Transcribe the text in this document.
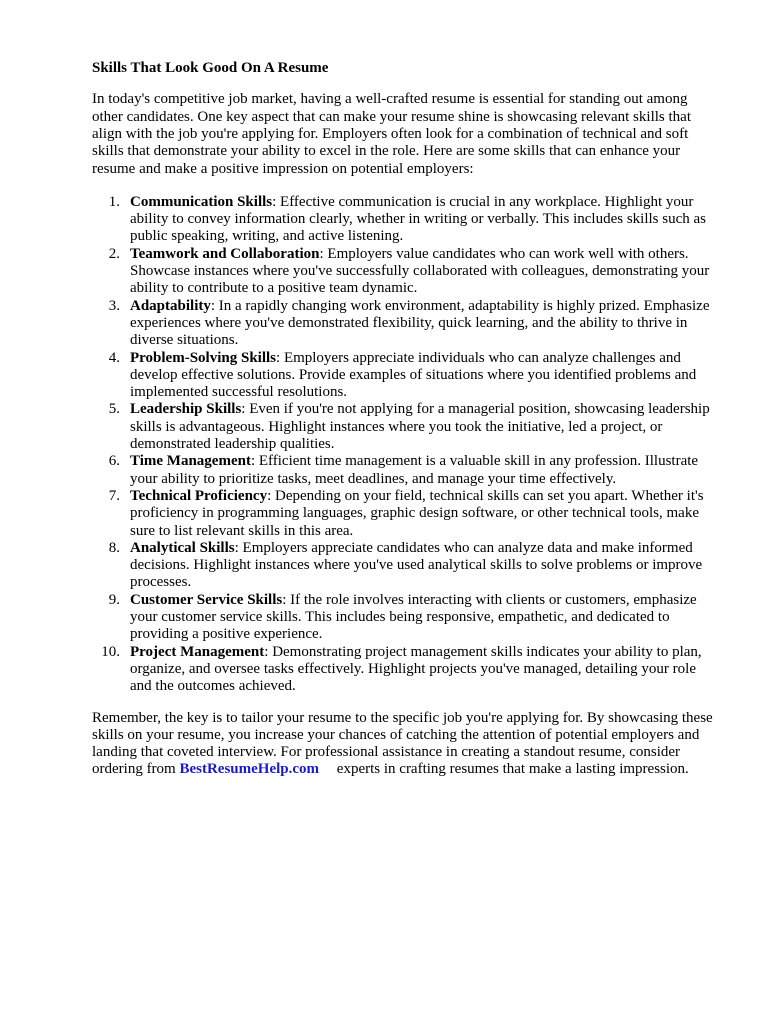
Skills That Look Good On A Resume

In today's competitive job market, having a well-crafted resume is essential for standing out among other candidates. One key aspect that can make your resume shine is showcasing relevant skills that align with the job you're applying for. Employers often look for a combination of technical and soft skills that demonstrate your ability to excel in the role. Here are some skills that can enhance your resume and make a positive impression on potential employers:

1. Communication Skills: Effective communication is crucial in any workplace. Highlight your ability to convey information clearly, whether in writing or verbally. This includes skills such as public speaking, writing, and active listening.
2. Teamwork and Collaboration: Employers value candidates who can work well with others. Showcase instances where you've successfully collaborated with colleagues, demonstrating your ability to contribute to a positive team dynamic.
3. Adaptability: In a rapidly changing work environment, adaptability is highly prized. Emphasize experiences where you've demonstrated flexibility, quick learning, and the ability to thrive in diverse situations.
4. Problem-Solving Skills: Employers appreciate individuals who can analyze challenges and develop effective solutions. Provide examples of situations where you identified problems and implemented successful resolutions.
5. Leadership Skills: Even if you're not applying for a managerial position, showcasing leadership skills is advantageous. Highlight instances where you took the initiative, led a project, or demonstrated leadership qualities.
6. Time Management: Efficient time management is a valuable skill in any profession. Illustrate your ability to prioritize tasks, meet deadlines, and manage your time effectively.
7. Technical Proficiency: Depending on your field, technical skills can set you apart. Whether it's proficiency in programming languages, graphic design software, or other technical tools, make sure to list relevant skills in this area.
8. Analytical Skills: Employers appreciate candidates who can analyze data and make informed decisions. Highlight instances where you've used analytical skills to solve problems or improve processes.
9. Customer Service Skills: If the role involves interacting with clients or customers, emphasize your customer service skills. This includes being responsive, empathetic, and dedicated to providing a positive experience.
10. Project Management: Demonstrating project management skills indicates your ability to plan, organize, and oversee tasks effectively. Highlight projects you've managed, detailing your role and the outcomes achieved.

Remember, the key is to tailor your resume to the specific job you're applying for. By showcasing these skills on your resume, you increase your chances of catching the attention of potential employers and landing that coveted interview. For professional assistance in creating a standout resume, consider ordering from BestResumeHelp.com experts in crafting resumes that make a lasting impression.
